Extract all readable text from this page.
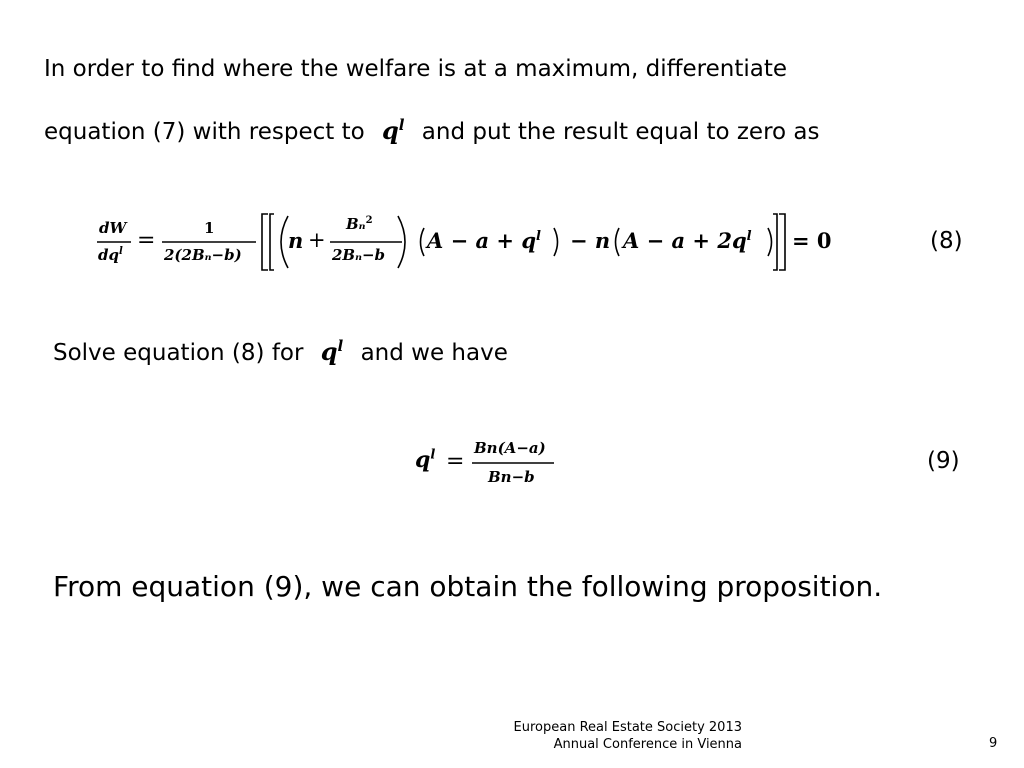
In order to find where the welfare is at a maximum, differentiate
equation (7) with respect to $q^l$ and put the result equal to zero as
dW
$dq^l$ =	1
2(2Bₙ−b)
n +
Bₙ$^2$
2Bₙ−b
$A - a + q^l - n$ $A - a + 2q^l = 0$	(8)
Solve equation (8) for $q^l$ and we have
$q^l$ =
Bn(A−a)
Bn−b
(9)
From equation (9), we can obtain the following proposition.
European Real Estate Society 2013
Annual Conference in Vienna	9
